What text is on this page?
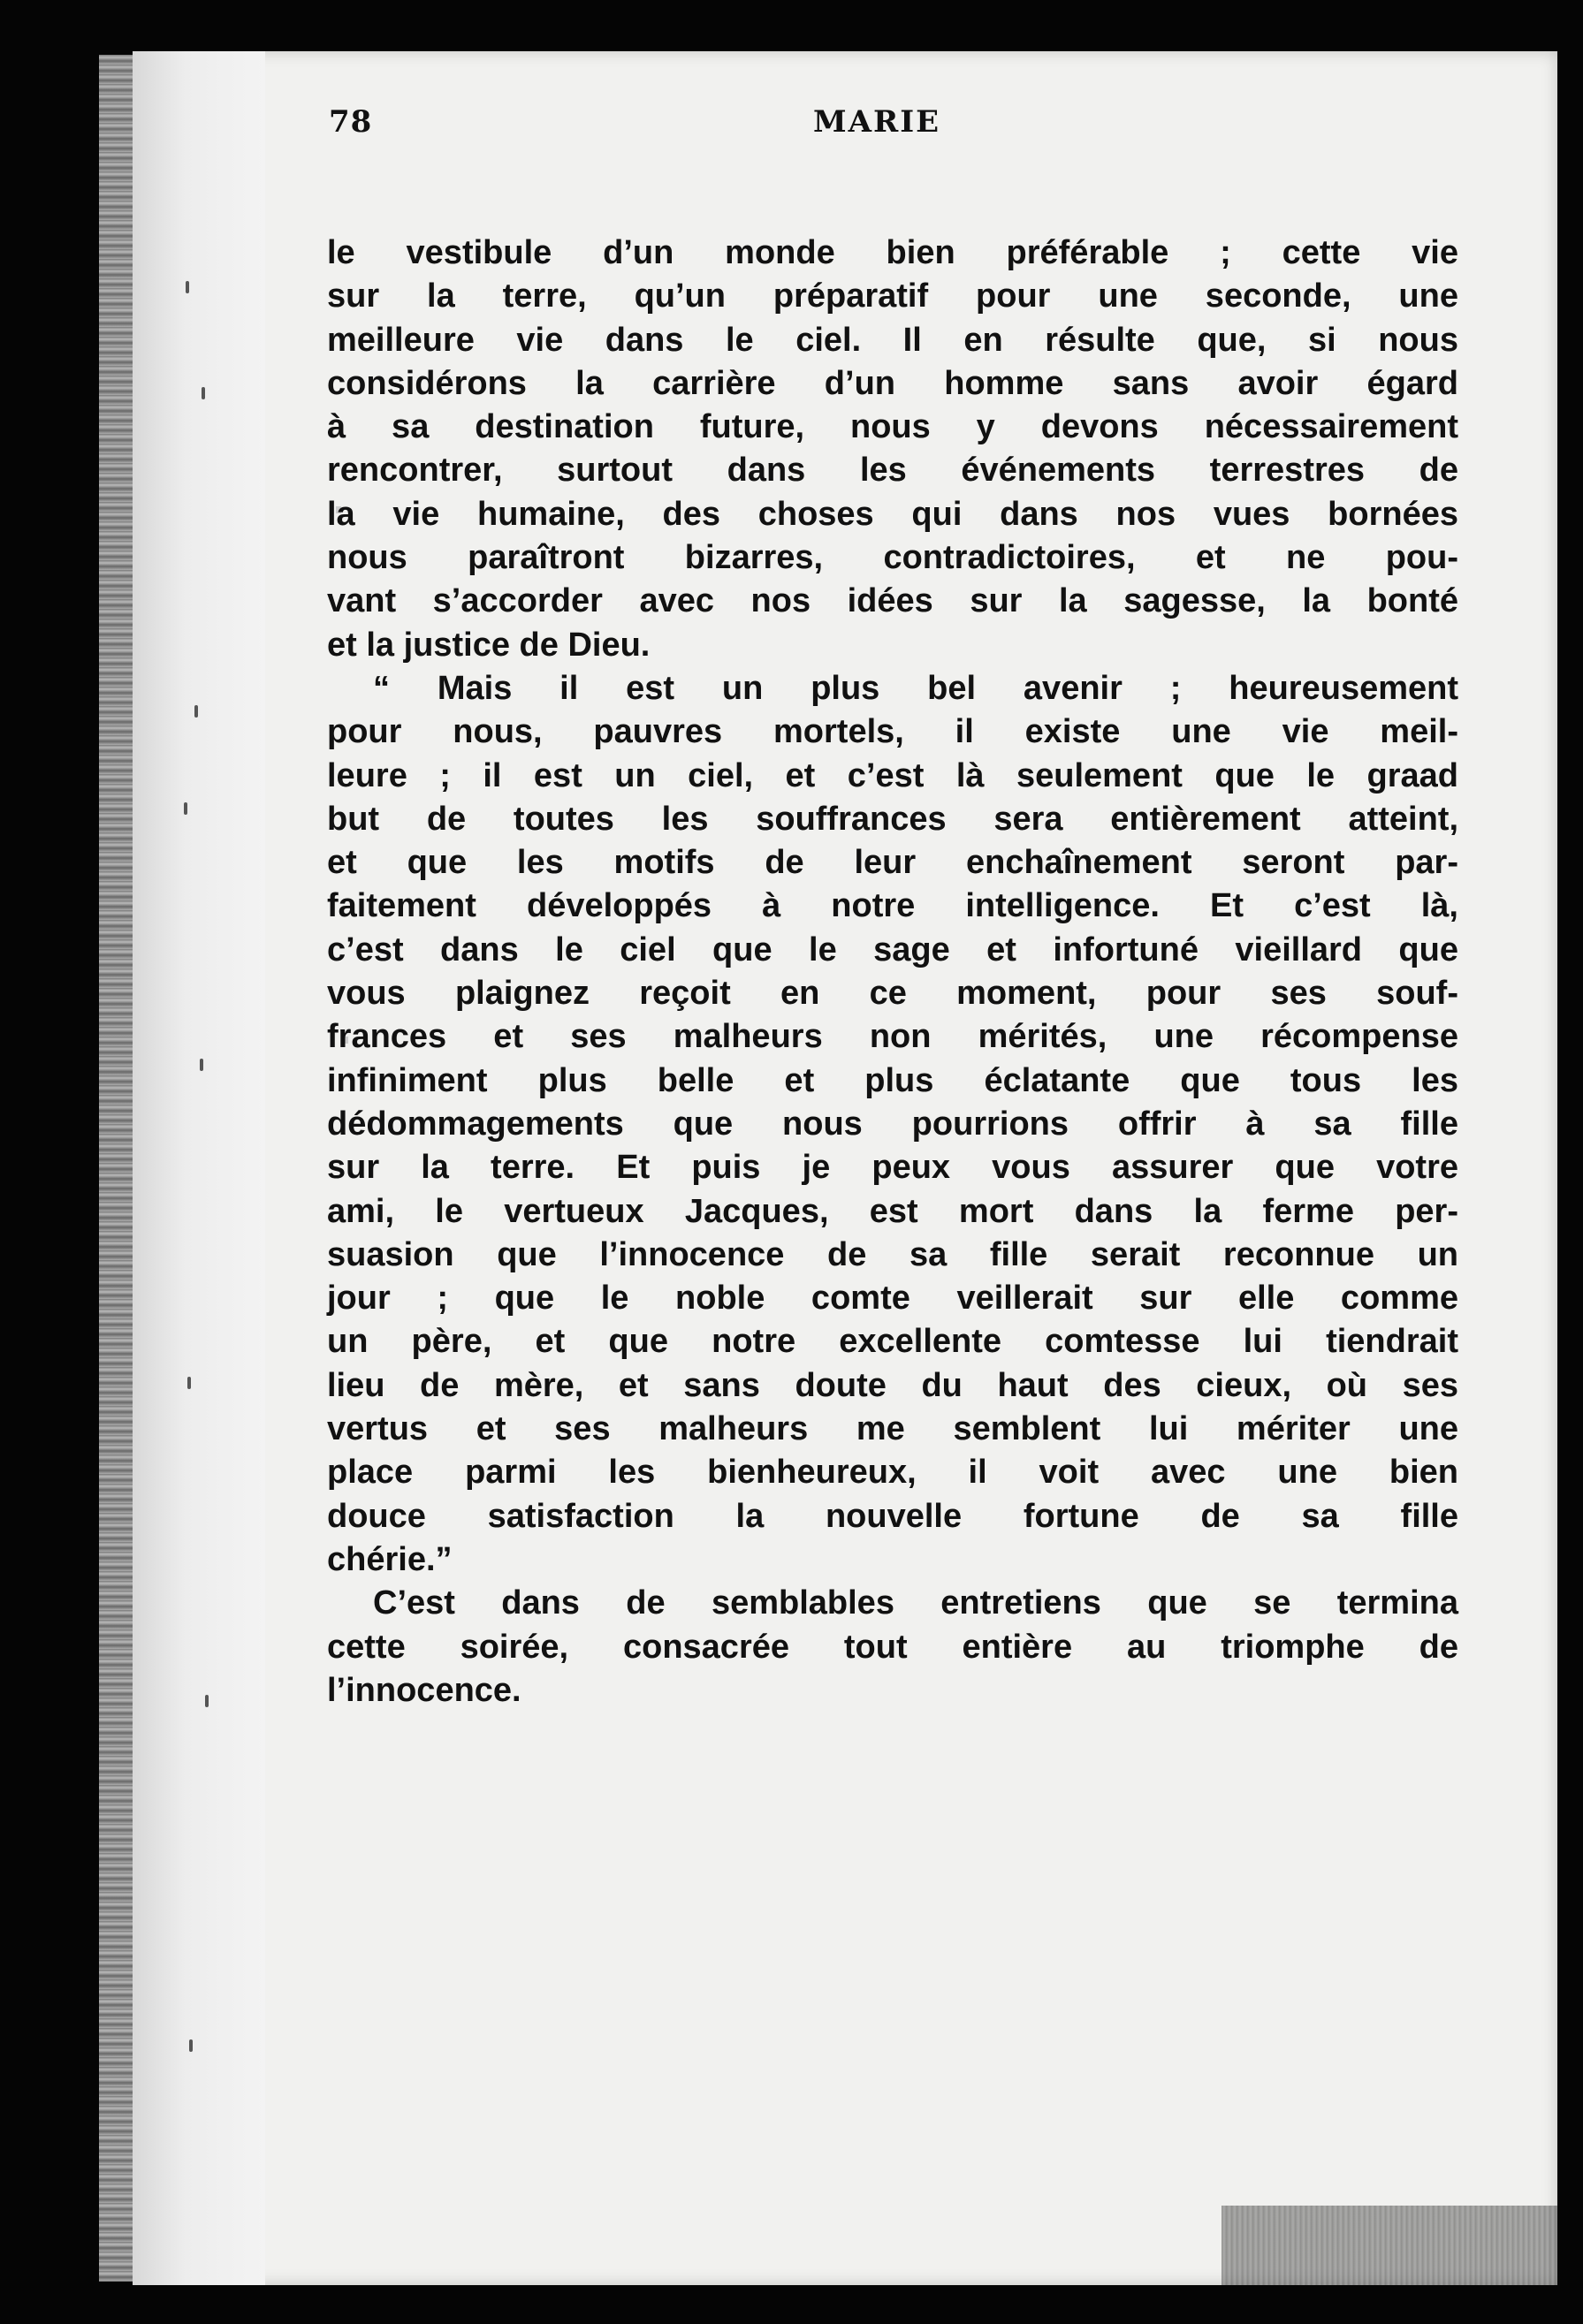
78	MARIE
le vestibule d’un monde bien préférable ; cette vie
sur la terre, qu’un préparatif pour une seconde, une
meilleure vie dans le ciel. Il en résulte que, si nous
considérons la carrière d’un homme sans avoir égard
à sa destination future, nous y devons nécessairement
rencontrer, surtout dans les événements terrestres de
la vie humaine, des choses qui dans nos vues bornées
nous paraîtront bizarres, contradictoires, et ne pou-
vant s’accorder avec nos idées sur la sagesse, la bonté
et la justice de Dieu.
“ Mais il est un plus bel avenir ; heureusement
pour nous, pauvres mortels, il existe une vie meil-
leure ; il est un ciel, et c’est là seulement que le graad
but de toutes les souffrances sera entièrement atteint,
et que les motifs de leur enchaînement seront par-
faitement développés à notre intelligence. Et c’est là,
c’est dans le ciel que le sage et infortuné vieillard que
vous plaignez reçoit en ce moment, pour ses souf-
frances et ses malheurs non mérités, une récompense
infiniment plus belle et plus éclatante que tous les
dédommagements que nous pourrions offrir à sa fille
sur la terre. Et puis je peux vous assurer que votre
ami, le vertueux Jacques, est mort dans la ferme per-
suasion que l’innocence de sa fille serait reconnue un
jour ; que le noble comte veillerait sur elle comme
un père, et que notre excellente comtesse lui tiendrait
lieu de mère, et sans doute du haut des cieux, où ses
vertus et ses malheurs me semblent lui mériter une
place parmi les bienheureux, il voit avec une bien
douce satisfaction la nouvelle fortune de sa fille
chérie.”
C’est dans de semblables entretiens que se termina
cette soirée, consacrée tout entière au triomphe de
l’innocence.
